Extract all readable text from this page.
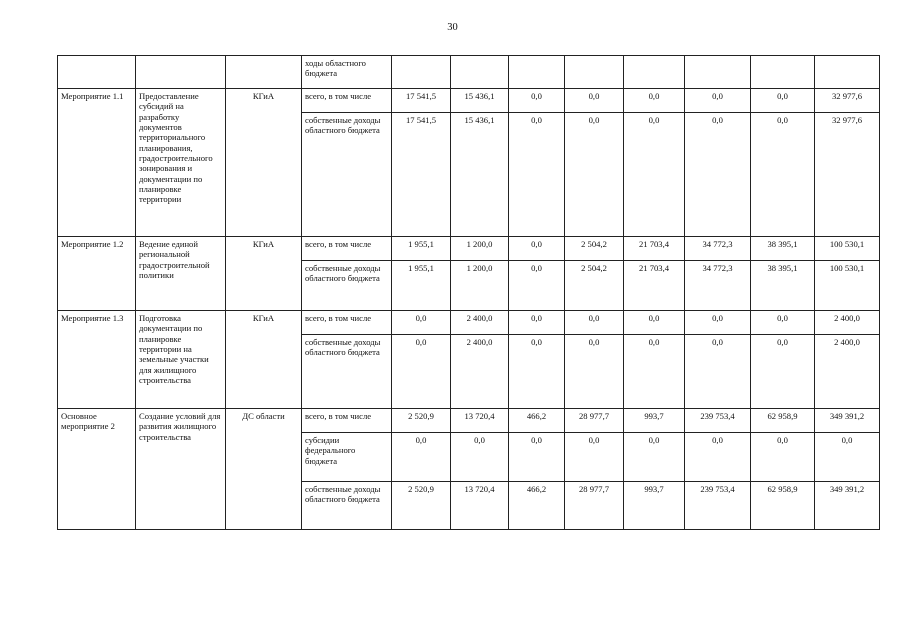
30
			ходы областного бюджета								
Мероприятие 1.1	Предоставление субсидий на разработку документов территориального планирования, градостроительного зонирования и документации по планировке территории	КГиА	всего, в том числе	17 541,5	15 436,1	0,0	0,0	0,0	0,0	0,0	32 977,6
			собственные доходы областного бюджета	17 541,5	15 436,1	0,0	0,0	0,0	0,0	0,0	32 977,6
Мероприятие 1.2	Ведение единой региональной градостроительной политики	КГиА	всего, в том числе	1 955,1	1 200,0	0,0	2 504,2	21 703,4	34 772,3	38 395,1	100 530,1
			собственные доходы областного бюджета	1 955,1	1 200,0	0,0	2 504,2	21 703,4	34 772,3	38 395,1	100 530,1
Мероприятие 1.3	Подготовка документации по планировке территории на земельные участки для жилищного строительства	КГиА	всего, в том числе	0,0	2 400,0	0,0	0,0	0,0	0,0	0,0	2 400,0
			собственные доходы областного бюджета	0,0	2 400,0	0,0	0,0	0,0	0,0	0,0	2 400,0
Основное мероприятие 2	Создание условий для развития жилищного строительства	ДС области	всего, в том числе	2 520,9	13 720,4	466,2	28 977,7	993,7	239 753,4	62 958,9	349 391,2
			субсидии федерального бюджета	0,0	0,0	0,0	0,0	0,0	0,0	0,0	0,0
			собственные доходы областного бюджета	2 520,9	13 720,4	466,2	28 977,7	993,7	239 753,4	62 958,9	349 391,2
